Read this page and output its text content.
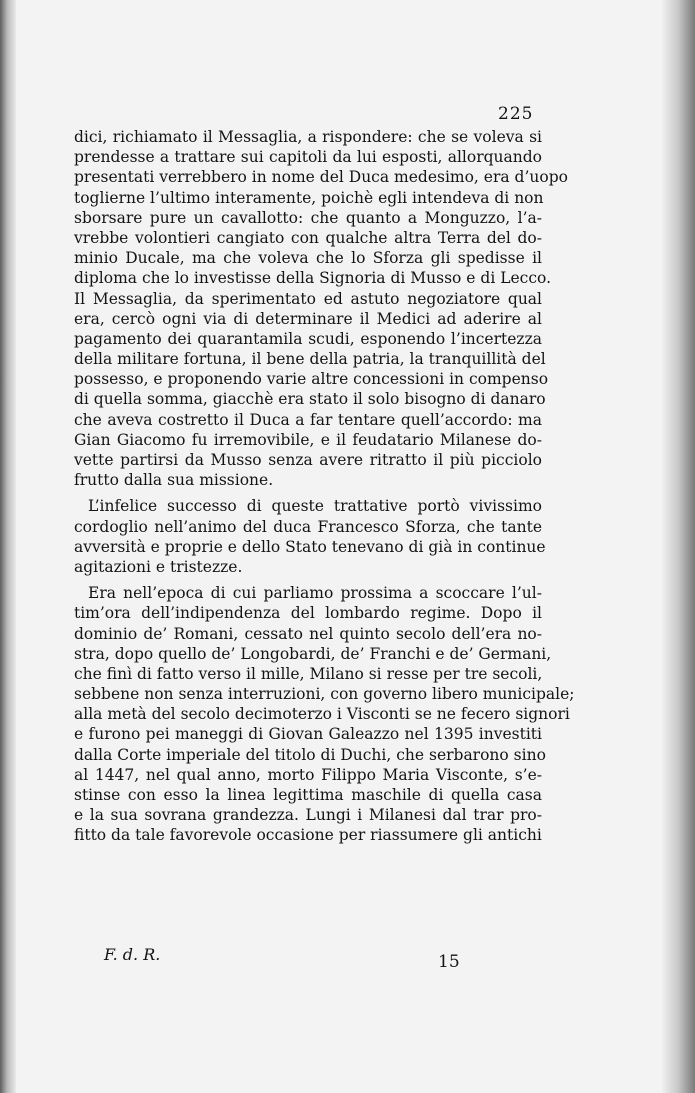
225
dici, richiamato il Messaglia, a rispondere: che se voleva si
prendesse a trattare sui capitoli da lui esposti, allorquando
presentati verrebbero in nome del Duca medesimo, era d’uopo
toglierne l’ultimo interamente, poichè egli intendeva di non
sborsare pure un cavallotto: che quanto a Monguzzo, l’a-
vrebbe volontieri cangiato con qualche altra Terra del do-
minio Ducale, ma che voleva che lo Sforza gli spedisse il
diploma che lo investisse della Signoria di Musso e di Lecco.
Il Messaglia, da sperimentato ed astuto negoziatore qual
era, cercò ogni via di determinare il Medici ad aderire al
pagamento dei quarantamila scudi, esponendo l’incertezza
della militare fortuna, il bene della patria, la tranquillità del
possesso, e proponendo varie altre concessioni in compenso
di quella somma, giacchè era stato il solo bisogno di danaro
che aveva costretto il Duca a far tentare quell’accordo: ma
Gian Giacomo fu irremovibile, e il feudatario Milanese do-
vette partirsi da Musso senza avere ritratto il più picciolo
frutto dalla sua missione.
L’infelice successo di queste trattative portò vivissimo
cordoglio nell’animo del duca Francesco Sforza, che tante
avversità e proprie e dello Stato tenevano di già in continue
agitazioni e tristezze.
Era nell’epoca di cui parliamo prossima a scoccare l’ul-
tim’ora dell’indipendenza del lombardo regime. Dopo il
dominio de’ Romani, cessato nel quinto secolo dell’era no-
stra, dopo quello de’ Longobardi, de’ Franchi e de’ Germani,
che finì di fatto verso il mille, Milano si resse per tre secoli,
sebbene non senza interruzioni, con governo libero municipale;
alla metà del secolo decimoterzo i Visconti se ne fecero signori
e furono pei maneggi di Giovan Galeazzo nel 1395 investiti
dalla Corte imperiale del titolo di Duchi, che serbarono sino
al 1447, nel qual anno, morto Filippo Maria Visconte, s’e-
stinse con esso la linea legittima maschile di quella casa
e la sua sovrana grandezza. Lungi i Milanesi dal trar pro-
fitto da tale favorevole occasione per riassumere gli antichi
F. d. R.	15
